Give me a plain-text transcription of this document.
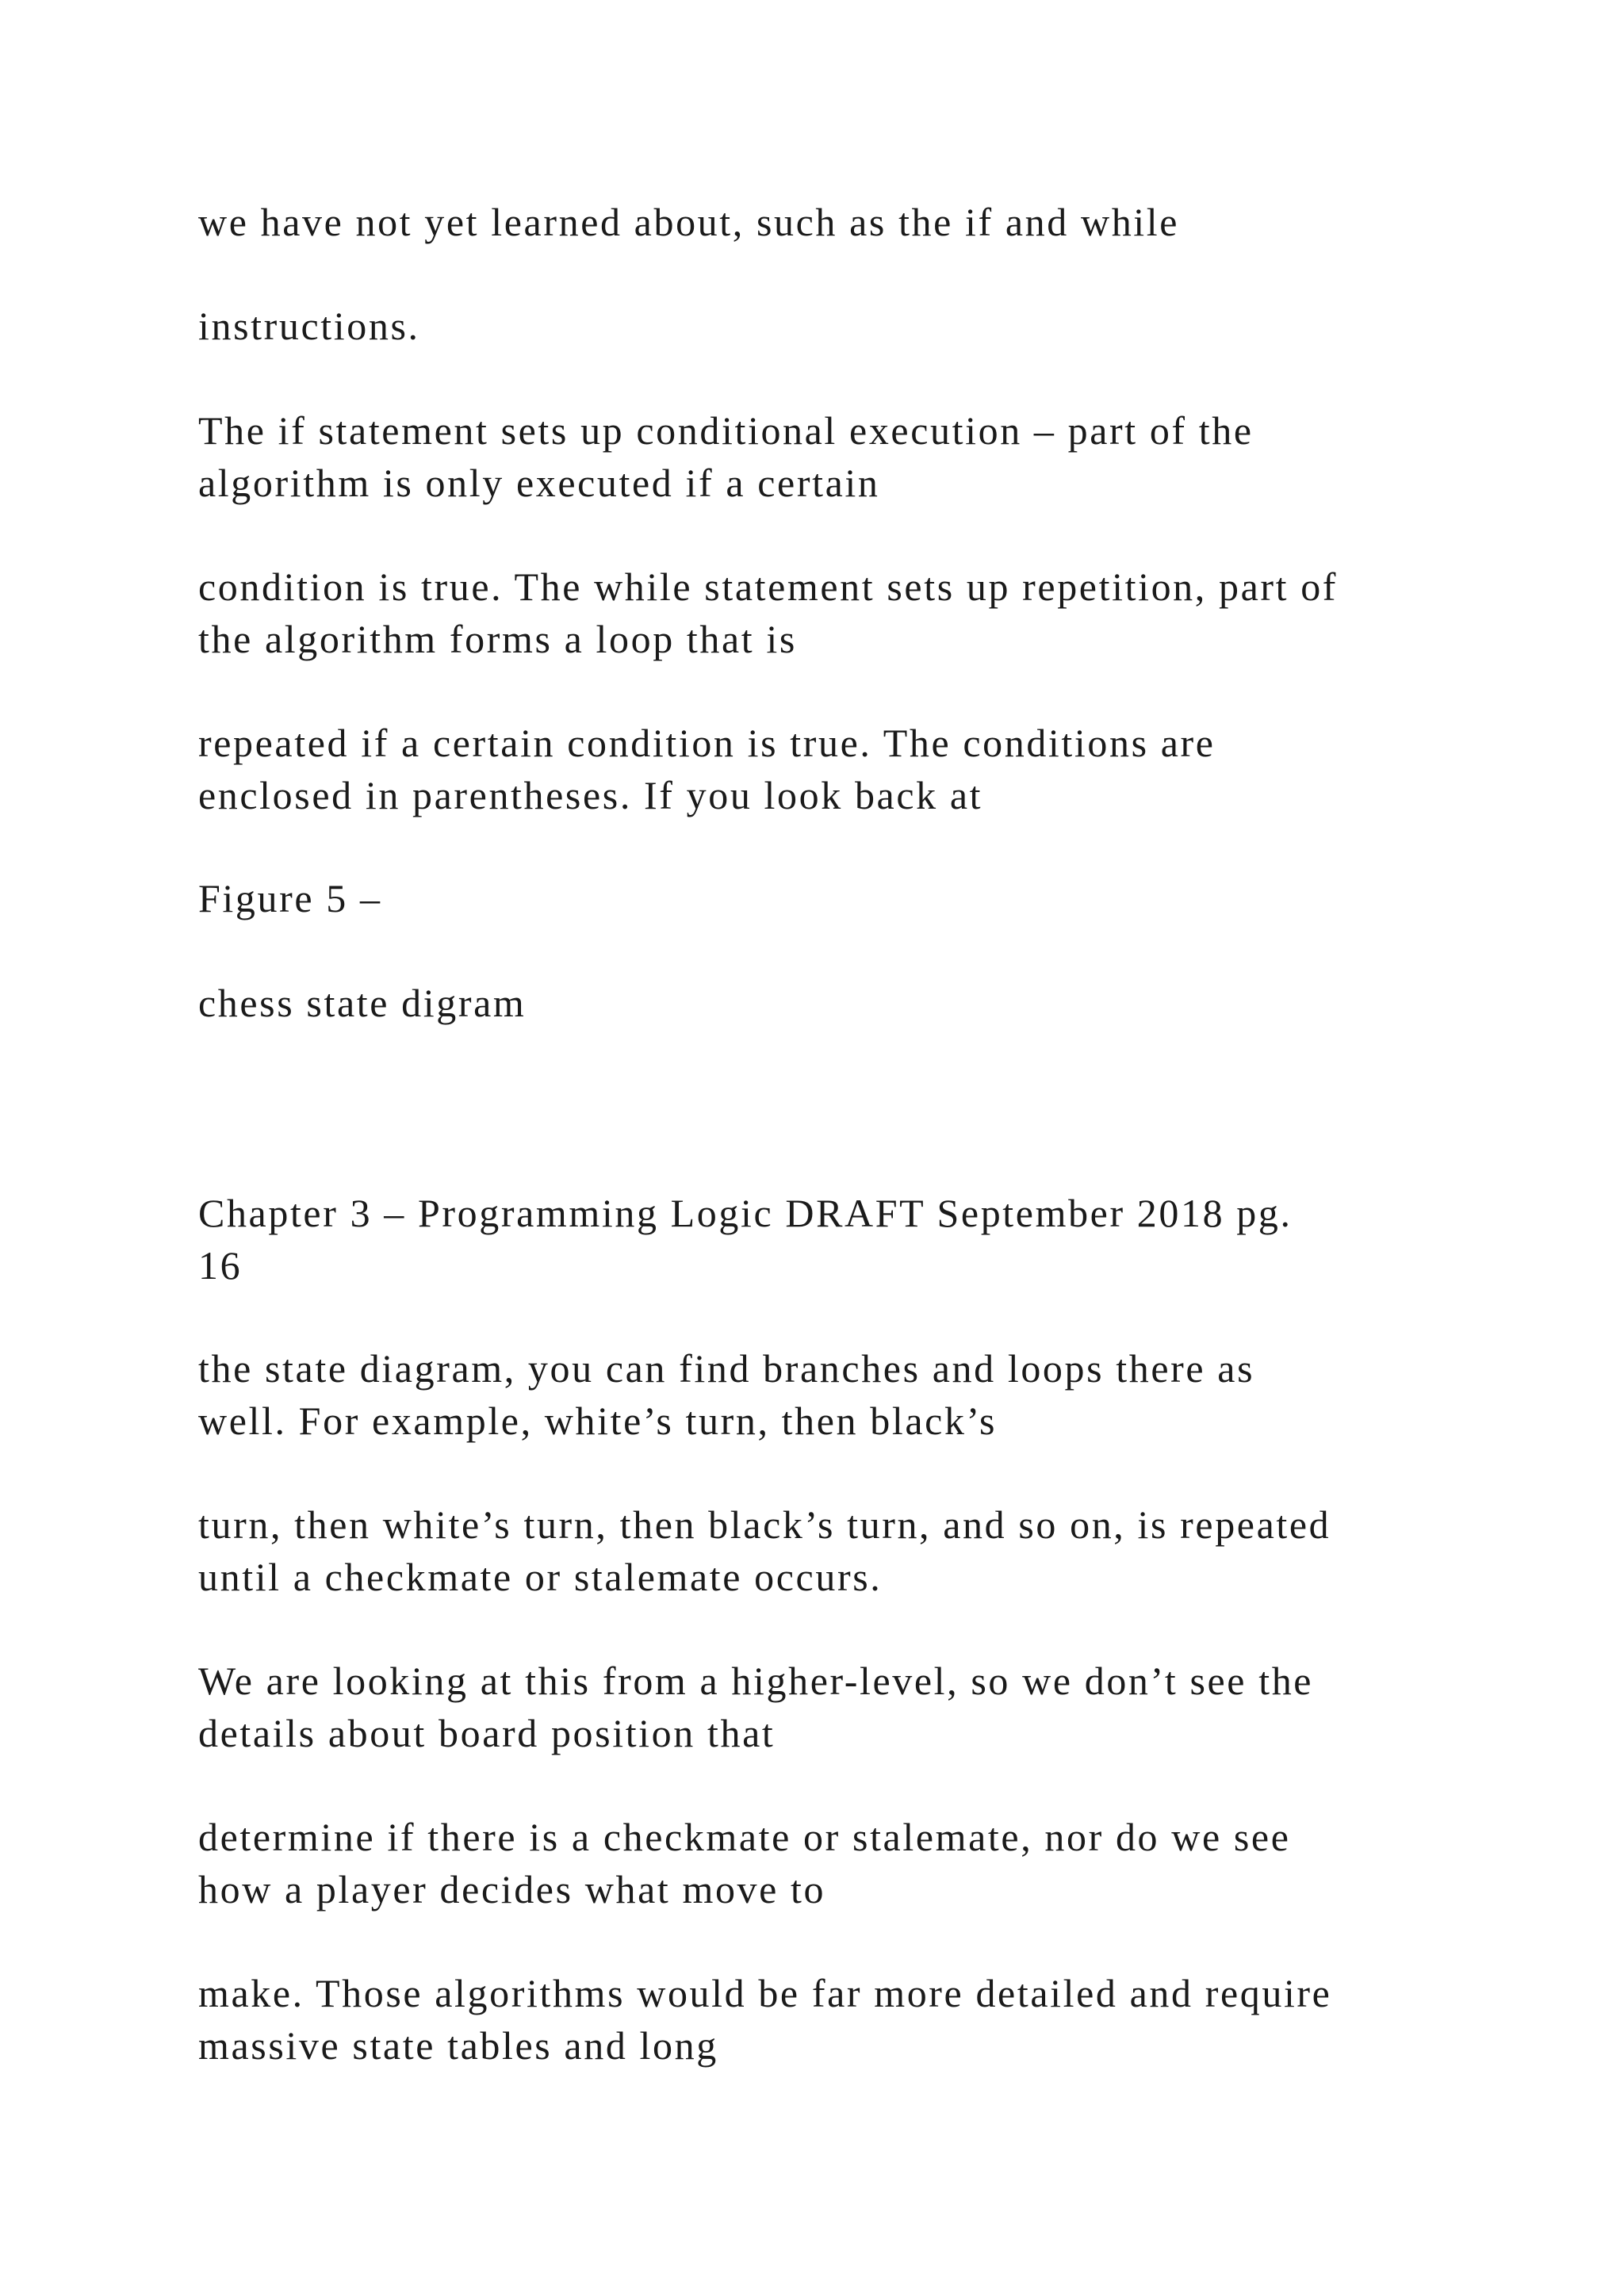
we have not yet learned about, such as the if and while

instructions.

The if statement sets up conditional execution – part of the
algorithm is only executed if a certain

condition is true. The while statement sets up repetition, part of
the algorithm forms a loop that is

repeated if a certain condition is true. The conditions are
enclosed in parentheses. If you look back at

Figure 5 –

chess state digram

Chapter 3 – Programming Logic DRAFT September 2018 pg.
16

the state diagram, you can find branches and loops there as
well. For example, white’s turn, then black’s

turn, then white’s turn, then black’s turn, and so on, is repeated
until a checkmate or stalemate occurs.

We are looking at this from a higher-level, so we don’t see the
details about board position that

determine if there is a checkmate or stalemate, nor do we see
how a player decides what move to

make. Those algorithms would be far more detailed and require
massive state tables and long
